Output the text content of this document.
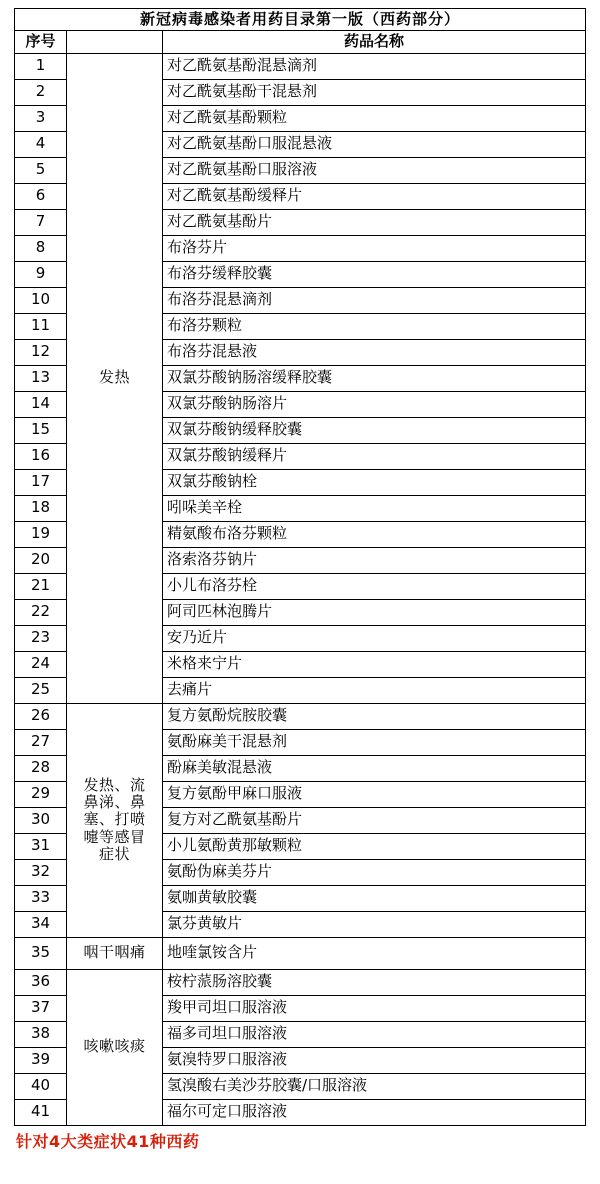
新冠病毒感染者用药目录第一版（西药部分）		
序号		药品名称
1	发热	对乙酰氨基酚混悬滴剂
2		对乙酰氨基酚干混悬剂
3		对乙酰氨基酚颗粒
4		对乙酰氨基酚口服混悬液
5		对乙酰氨基酚口服溶液
6		对乙酰氨基酚缓释片
7		对乙酰氨基酚片
8		布洛芬片
9		布洛芬缓释胶囊
10		布洛芬混悬滴剂
11		布洛芬颗粒
12		布洛芬混悬液
13		双氯芬酸钠肠溶缓释胶囊
14		双氯芬酸钠肠溶片
15		双氯芬酸钠缓释胶囊
16		双氯芬酸钠缓释片
17		双氯芬酸钠栓
18		吲哚美辛栓
19		精氨酸布洛芬颗粒
20		洛索洛芬钠片
21		小儿布洛芬栓
22		阿司匹林泡腾片
23		安乃近片
24		米格来宁片
25		去痛片
26	发热、流
鼻涕、鼻
塞、打喷
嚏等感冒
症状	复方氨酚烷胺胶囊
27		氨酚麻美干混悬剂
28		酚麻美敏混悬液
29		复方氨酚甲麻口服液
30		复方对乙酰氨基酚片
31		小儿氨酚黄那敏颗粒
32		氨酚伪麻美芬片
33		氨咖黄敏胶囊
34		氯芬黄敏片
35	咽干咽痛	地喹氯铵含片
36	咳嗽咳痰	桉柠蒎肠溶胶囊
37		羧甲司坦口服溶液
38		福多司坦口服溶液
39		氨溴特罗口服溶液
40		氢溴酸右美沙芬胶囊/口服溶液
41		福尔可定口服溶液
针对4大类症状41种西药
